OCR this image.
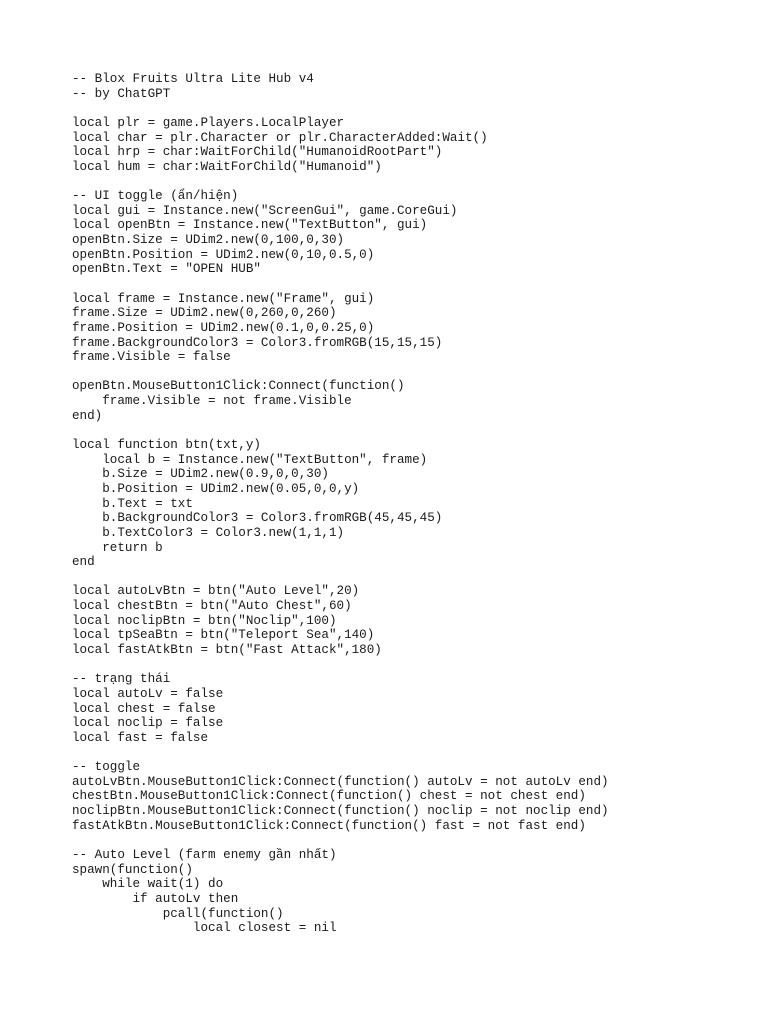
-- Blox Fruits Ultra Lite Hub v4
-- by ChatGPT
local plr = game.Players.LocalPlayer
local char = plr.Character or plr.CharacterAdded:Wait()
local hrp = char:WaitForChild("HumanoidRootPart")
local hum = char:WaitForChild("Humanoid")
-- UI toggle (ẩn/hiện)
local gui = Instance.new("ScreenGui", game.CoreGui)
local openBtn = Instance.new("TextButton", gui)
openBtn.Size = UDim2.new(0,100,0,30)
openBtn.Position = UDim2.new(0,10,0.5,0)
openBtn.Text = "OPEN HUB"
local frame = Instance.new("Frame", gui)
frame.Size = UDim2.new(0,260,0,260)
frame.Position = UDim2.new(0.1,0,0.25,0)
frame.BackgroundColor3 = Color3.fromRGB(15,15,15)
frame.Visible = false
openBtn.MouseButton1Click:Connect(function()
frame.Visible = not frame.Visible
end)
local function btn(txt,y)
local b = Instance.new("TextButton", frame)
b.Size = UDim2.new(0.9,0,0,30)
b.Position = UDim2.new(0.05,0,0,y)
b.Text = txt
b.BackgroundColor3 = Color3.fromRGB(45,45,45)
b.TextColor3 = Color3.new(1,1,1)
return b
end
local autoLvBtn = btn("Auto Level",20)
local chestBtn = btn("Auto Chest",60)
local noclipBtn = btn("Noclip",100)
local tpSeaBtn = btn("Teleport Sea",140)
local fastAtkBtn = btn("Fast Attack",180)
-- trạng thái
local autoLv = false
local chest = false
local noclip = false
local fast = false
-- toggle
autoLvBtn.MouseButton1Click:Connect(function() autoLv = not autoLv end)
chestBtn.MouseButton1Click:Connect(function() chest = not chest end)
noclipBtn.MouseButton1Click:Connect(function() noclip = not noclip end)
fastAtkBtn.MouseButton1Click:Connect(function() fast = not fast end)
-- Auto Level (farm enemy gần nhất)
spawn(function()
while wait(1) do
if autoLv then
pcall(function()
local closest = nil
